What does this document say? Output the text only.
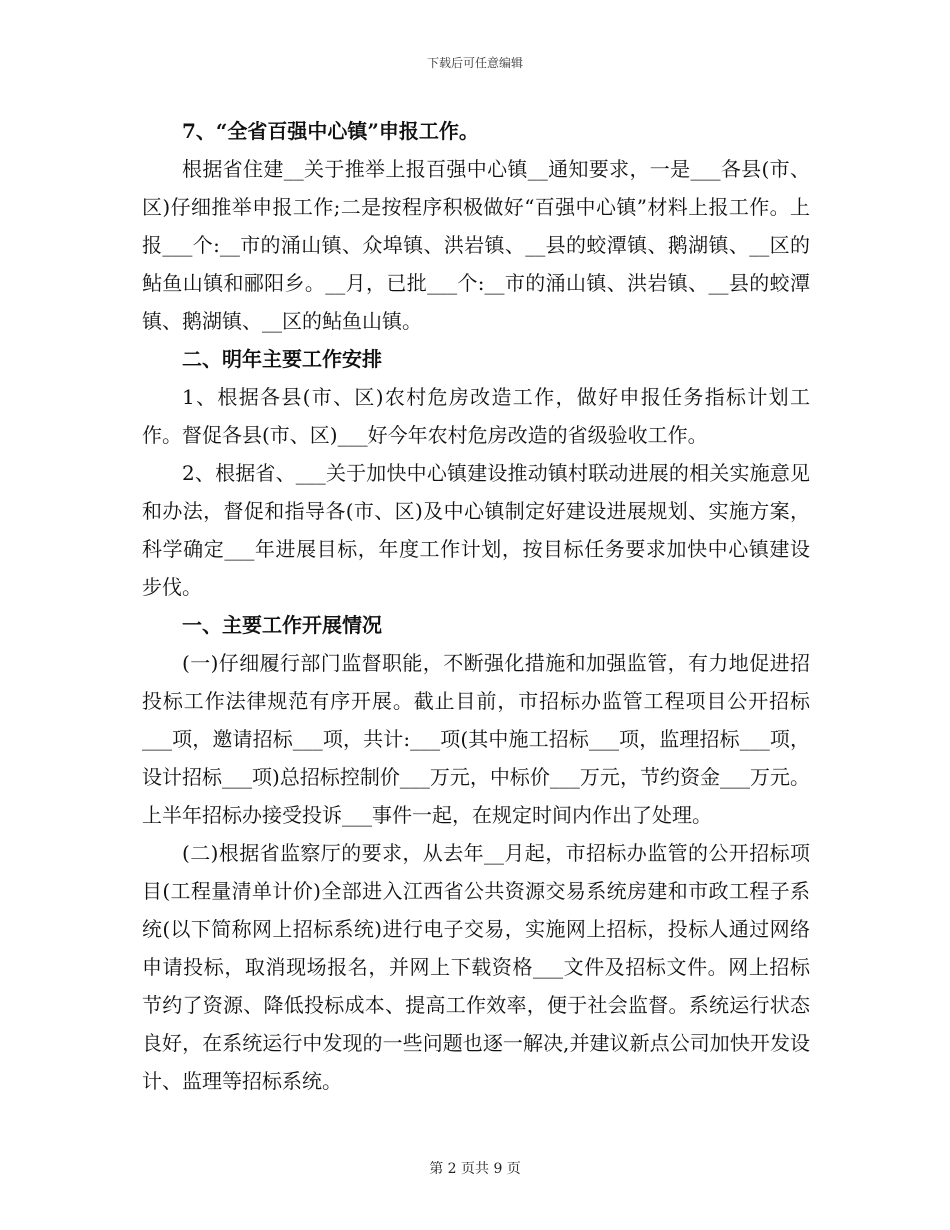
下载后可任意编辑

7、“全省百强中心镇”申报工作。

根据省住建__关于推举上报百强中心镇__通知要求，一是___各县(市、区)仔细推举申报工作;二是按程序积极做好“百强中心镇”材料上报工作。上报___个:__市的涌山镇、众埠镇、洪岩镇、__县的蛟潭镇、鹅湖镇、__区的鲇鱼山镇和郦阳乡。__月，已批___个:__市的涌山镇、洪岩镇、__县的蛟潭镇、鹅湖镇、__区的鲇鱼山镇。

二、明年主要工作安排

1、根据各县(市、区)农村危房改造工作，做好申报任务指标计划工作。督促各县(市、区)___好今年农村危房改造的省级验收工作。

2、根据省、___关于加快中心镇建设推动镇村联动进展的相关实施意见和办法，督促和指导各(市、区)及中心镇制定好建设进展规划、实施方案，科学确定___年进展目标，年度工作计划，按目标任务要求加快中心镇建设步伐。

一、主要工作开展情况

(一)仔细履行部门监督职能，不断强化措施和加强监管，有力地促进招投标工作法律规范有序开展。截止目前，市招标办监管工程项目公开招标___项，邀请招标___项，共计:___项(其中施工招标___项，监理招标___项，设计招标___项)总招标控制价___万元，中标价___万元，节约资金___万元。上半年招标办接受投诉___事件一起，在规定时间内作出了处理。

(二)根据省监察厅的要求，从去年__月起，市招标办监管的公开招标项目(工程量清单计价)全部进入江西省公共资源交易系统房建和市政工程子系统(以下简称网上招标系统)进行电子交易，实施网上招标，投标人通过网络申请投标，取消现场报名，并网上下载资格___文件及招标文件。网上招标节约了资源、降低投标成本、提高工作效率，便于社会监督。系统运行状态良好，在系统运行中发现的一些问题也逐一解决,并建议新点公司加快开发设计、监理等招标系统。

第 2 页共 9 页
